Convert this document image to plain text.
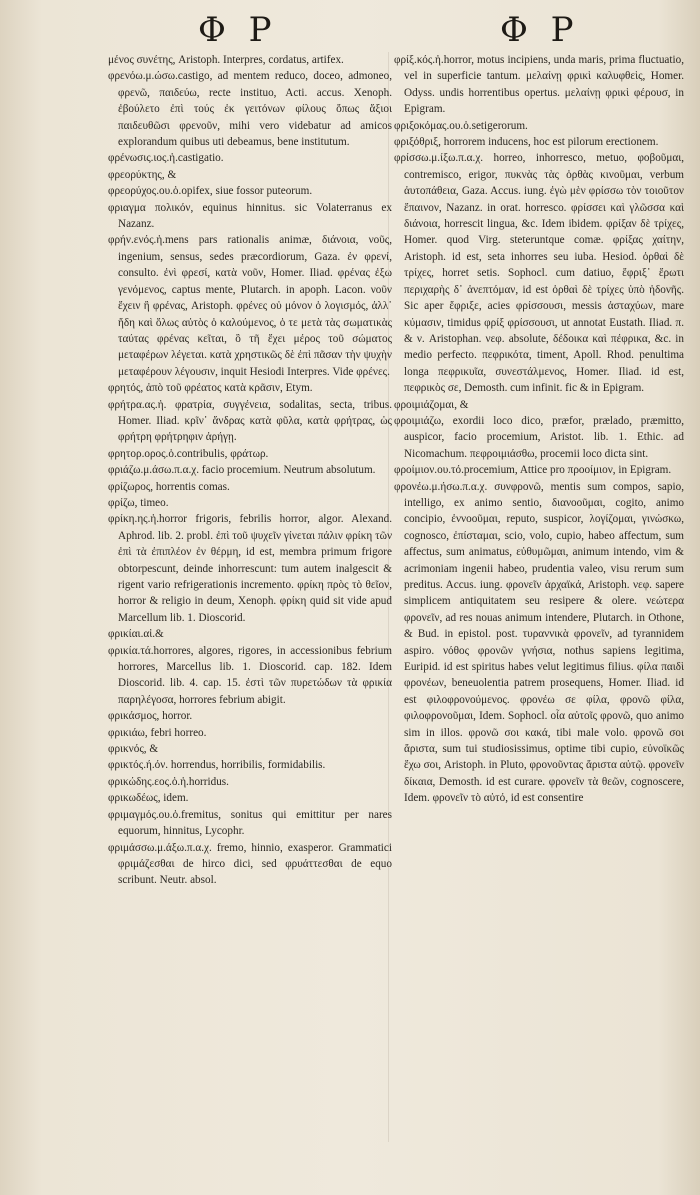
Φ Ρ	Φ Ρ
μένος συνέτης, Aristoph. Interpres, cordatus, artifex.
φρενόω.μ.ώσω.castigo, ad mentem reduco, doceo, admoneo, φρενῶ, παιδεύω, recte instituo, Acti. accus. Xenoph. ἐβούλετο ἐπὶ τούς ἐκ γειτόνων φίλους ὅπως ἄξιοι παιδευθῶσι φρενοῦν, mihi vero videbatur ad amicos explorandum quibus uti debeamus, bene institutum.
φρένωσις.ιος.ἡ.castigatio.
φρεορύκτης, &
φρεορύχος.ου.ὁ.opifex, siue fossor puteorum.
φριαγμα πολικόν, equinus hinnitus. sic Volaterranus ex Nazanz.
φρήν.ενός.ἡ.mens pars rationalis animæ, διάνοια, νοῦς, ingenium, sensus, sedes præcordiorum, Gaza. ἐν φρενί, consulto. ἐνὶ φρεσί, κατὰ νοῦν, Homer. Iliad. φρένας ἐξω γενόμενος, captus mente, Plutarch. in apoph. Lacon. νοῦν ἔχειν ἢ φρένας, Aristoph. φρένες οὐ μόνον ὁ λογισμός, ἀλλ᾽ ἤδη καὶ ὅλως αὐτὸς ὁ καλούμενος, ὁ τε μετὰ τὰς σωματικὰς ταύτας φρένας κεῖται, ὃ τῆ ἔχει μέρος τοῦ σώματος μεταφέρων λέγεται. κατὰ χρηστικῶς δὲ ἐπὶ πᾶσαν τὴν ψυχὴν μεταφέρουν λέγουσιν, inquit Hesiodi Interpres. Vide φρένες.
φρητός, ἀπὸ τοῦ φρέατος κατὰ κρᾶσιν, Etym.
φρήτρα.ας.ἡ. φρατρία, συγγένεια, sodalitas, secta, tribus. Homer. Iliad. κρῖν᾽ ἄνδρας κατὰ φῦλα, κατὰ φρήτρας, ὡς φρήτρη φρήτρηφιν ἀρήγῃ.
φρητορ.ορος.ὁ.contribulis, φράτωρ.
φριάζω.μ.άσω.π.α.χ. facio procemium. Neutrum absolutum.
φρίζωρος, horrentis comas.
φρίζω, timeo.
φρίκη.ης.ἡ.horror frigoris, febrilis horror, algor. Alexand. Aphrod. lib. 2. probl. ἐπὶ τοῦ ψυχεῖν γίνεται πάλιν φρίκη τῶν ἐπὶ τὰ ἐπιπλέον ἐν θέρμη, id est, membra primum frigore obtorpescunt, deinde inhorrescunt: tum autem inalgescit & rigent vario refrigerationis incremento. φρίκη πρὸς τὸ θεῖον, horror & religio in deum, Xenoph. φρίκη quid sit vide apud Marcellum lib. 1. Dioscorid.
φρικίαι.αἱ.&
φρικία.τά.horrores, algores, rigores, in accessionibus febrium horrores, Marcellus lib. 1. Dioscorid. cap. 182. Idem Dioscorid. lib. 4. cap. 15. ἐστὶ τῶν πυρετώδων τὰ φρικία παρηλέγοσα, horrores febrium abigit.
φρικάσμος, horror.
φρικιάω, febri horreo.
φρικνός, &
φρικτός.ή.όν. horrendus, horribilis, formidabilis.
φρικώδης.εος.ὁ.ἡ.horridus.
φρικωδέως, idem.
φριμαγμός.ου.ὁ.fremitus, sonitus qui emittitur per nares equorum, hinnitus, Lycophr.
φριμάσσω.μ.άξω.π.α.χ. fremo, hinnio, exasperor. Grammatici φριμάζεσθαι de hirco dici, sed φρυάττεσθαι de equo scribunt. Neutr. absol.
φρίξ.κός.ἡ.horror, motus incipiens, unda maris, prima fluctuatio, vel in superficie tantum. μελαίνῃ φρικὶ καλυφθεὶς, Homer. Odyss. undis horrentibus opertus. μελαίνῃ φρικὶ φέρουσ, in Epigram.
φριξοκόμας.ου.ὁ.setigerorum.
φριξόθριξ, horrorem inducens, hoc est pilorum erectionem.
φρίσσω.μ.ίξω.π.α.χ. horreo, inhorresco, metuo, φοβοῦμαι, contremisco, erigor, πυκνὰς τὰς ὀρθὰς κινοῦμαι, verbum ἀυτοπάθεια, Gaza. Accus. iung. ἐγὼ μὲν φρίσσω τὸν τοιοῦτον ἔπαινον, Nazanz. in orat. horresco. φρίσσει καὶ γλῶσσα καὶ διάνοια, horrescit lingua, &c. Idem ibidem. φρίξαν δὲ τρίχες, Homer. quod Virg. steteruntque comæ. φρίξας χαίτην, Aristoph. id est, seta inhorres seu iuba. Hesiod. ὀρθαὶ δὲ τρίχες, horret setis. Sophocl. cum datiuo, ἔφριξ᾽ ἔρωτι περιχαρὴς δ᾽ ἀνεπτόμαν, id est ὀρθαὶ δὲ τρίχες ὑπὸ ἡδονῆς. Sic aper ἔφριξε, acies φρίσσουσι, messis ἀσταχύων, mare κύμασιν, timidus φρίξ φρίσσουσι, ut annotat Eustath. Iliad. π. & ν. Aristophan. νεφ. absolute, δέδοικα καὶ πέφρικα, &c. in medio perfecto. πεφρικότα, timent, Apoll. Rhod. penultima longa πεφρικυῖα, συνεστάλμενος, Homer. Iliad. id est, πεφρικὸς σε, Demosth. cum infinit. fic & in Epigram.
φροιμιάζομαι, &
φροιμιάζω, exordii loco dico, præfor, prælado, præmitto, auspicor, facio procemium, Aristot. lib. 1. Ethic. ad Nicomachum. πεφροιμιάσθω, procemii loco dicta sint.
φροίμιον.ου.τό.procemium, Attice pro προοίμιον, in Epigram.
φρονέω.μ.ήσω.π.α.χ. συνφρονῶ, mentis sum compos, sapio, intelligo, ex animo sentio, διανοοῦμαι, cogito, animo concipio, ἐννοοῦμαι, reputo, suspicor, λογίζομαι, γινώσκω, cognosco, ἐπίσταμαι, scio, volo, cupio, habeo affectum, sum affectus, sum animatus, εὐθυμῶμαι, animum intendo, vim & acrimoniam ingenii habeo, prudentia valeo, visu rerum sum preditus. Accus. iung. φρονεῖν ἀρχαϊκά, Aristoph. νεφ. sapere simplicem antiquitatem seu resipere & olere. νεώτερα φρονεῖν, ad res nouas animum intendere, Plutarch. in Othone, & Bud. in epistol. post. τυραννικὰ φρονεῖν, ad tyrannidem aspiro. νόθος φρονῶν γνήσια, nothus sapiens legitima, Euripid. id est spiritus habes velut legitimus filius. φίλα παιδὶ φρονέων, beneuolentia patrem prosequens, Homer. Iliad. id est φιλοφρονούμενος. φρονέω σε φίλα, φρονῶ φίλα, φιλοφρονοῦμαι, Idem. Sophocl. οἷα αὐτοῖς φρονῶ, quo animo sim in illos. φρονῶ σοι κακά, tibi male volo. φρονῶ σοι ἄριστα, sum tui studiosissimus, optime tibi cupio, εὐνοϊκῶς ἔχω σοι, Aristoph. in Pluto, φρονοῦντας ἄριστα αὐτῷ. φρονεῖν δίκαια, Demosth. id est curare. φρονεῖν τὰ θεῶν, cognoscere, Idem. φρονεῖν τὸ αὐτό, id est consentire
